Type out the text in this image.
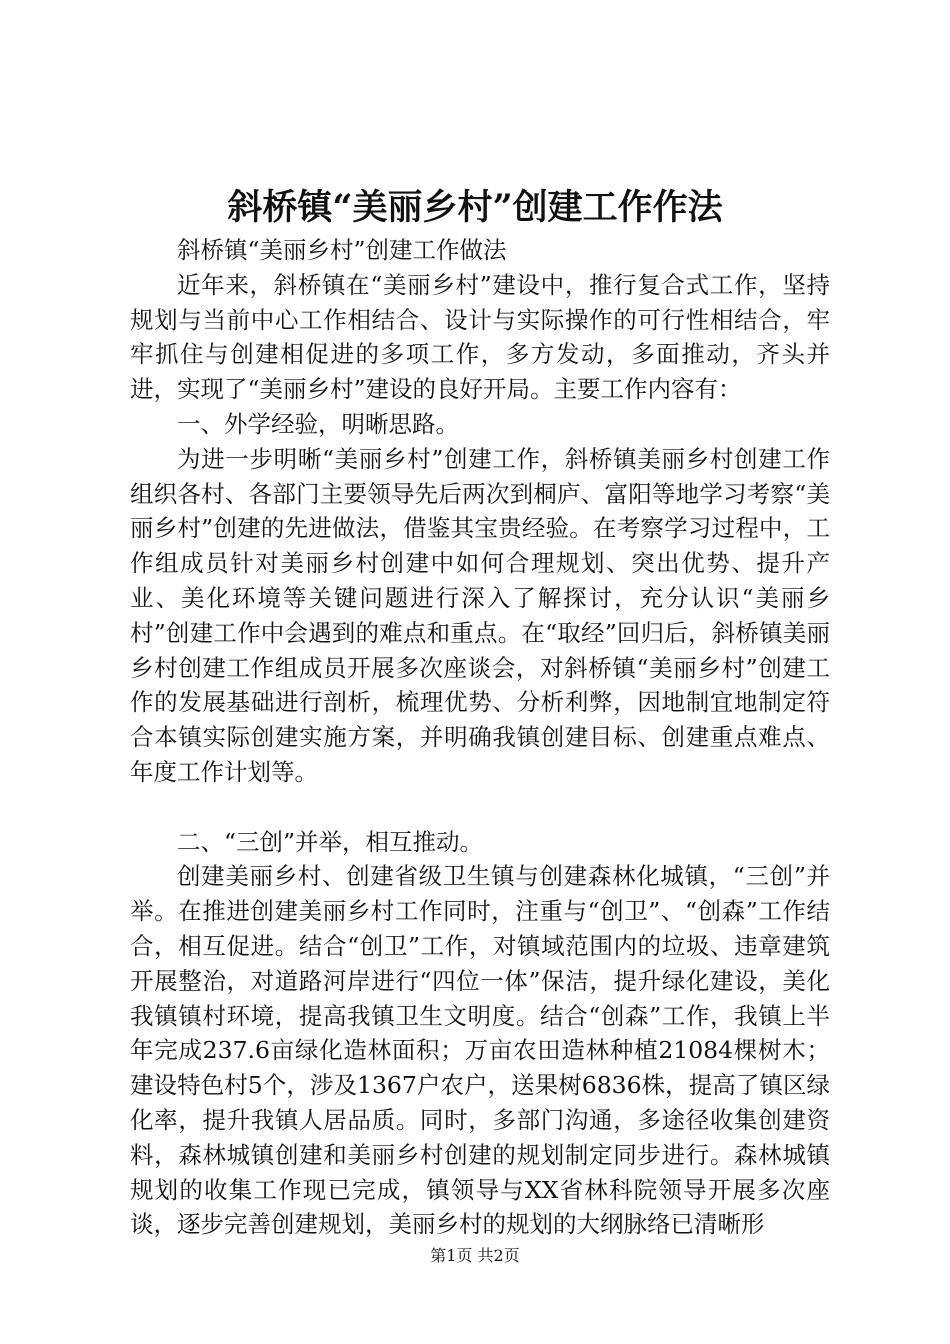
斜桥镇“美丽乡村”创建工作作法

斜桥镇“美丽乡村”创建工作做法

近年来，斜桥镇在“美丽乡村”建设中，推行复合式工作，坚持规划与当前中心工作相结合、设计与实际操作的可行性相结合，牢牢抓住与创建相促进的多项工作，多方发动，多面推动，齐头并进，实现了“美丽乡村”建设的良好开局。主要工作内容有：

一、外学经验，明晰思路。

为进一步明晰“美丽乡村”创建工作，斜桥镇美丽乡村创建工作组织各村、各部门主要领导先后两次到桐庐、富阳等地学习考察“美丽乡村”创建的先进做法，借鉴其宝贵经验。在考察学习过程中，工作组成员针对美丽乡村创建中如何合理规划、突出优势、提升产业、美化环境等关键问题进行深入了解探讨，充分认识“美丽乡村”创建工作中会遇到的难点和重点。在“取经”回归后，斜桥镇美丽乡村创建工作组成员开展多次座谈会，对斜桥镇“美丽乡村”创建工作的发展基础进行剖析，梳理优势、分析利弊，因地制宜地制定符合本镇实际创建实施方案，并明确我镇创建目标、创建重点难点、年度工作计划等。

二、“三创”并举，相互推动。

创建美丽乡村、创建省级卫生镇与创建森林化城镇，“三创”并举。在推进创建美丽乡村工作同时，注重与“创卫”、“创森”工作结合，相互促进。结合“创卫”工作，对镇域范围内的垃圾、违章建筑开展整治，对道路河岸进行“四位一体”保洁，提升绿化建设，美化我镇镇村环境，提高我镇卫生文明度。结合“创森”工作，我镇上半年完成237.6亩绿化造林面积；万亩农田造林种植21084棵树木；建设特色村5个，涉及1367户农户，送果树6836株，提高了镇区绿化率，提升我镇人居品质。同时，多部门沟通，多途径收集创建资料，森林城镇创建和美丽乡村创建的规划制定同步进行。森林城镇规划的收集工作现已完成，镇领导与XX省林科院领导开展多次座谈，逐步完善创建规划，美丽乡村的规划的大纲脉络已清晰形

第1页 共2页
